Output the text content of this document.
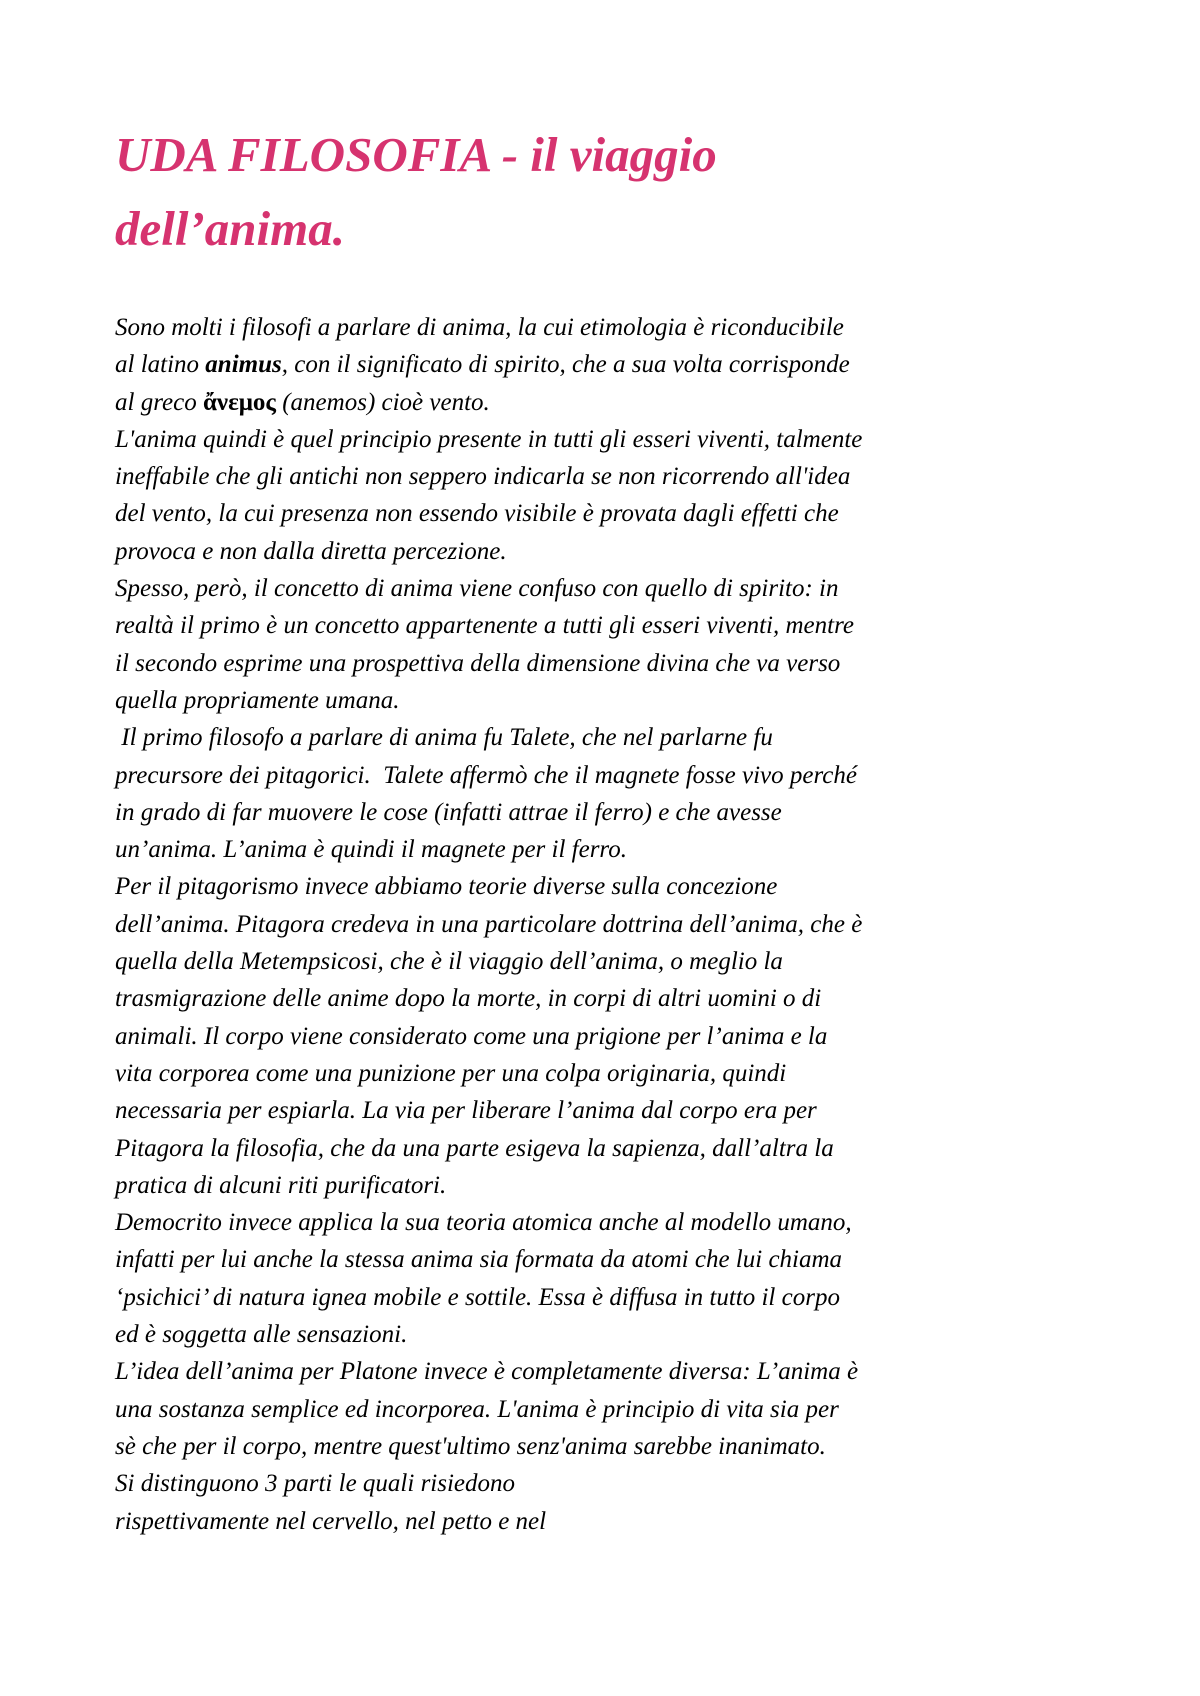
UDA FILOSOFIA - il viaggio
dell’anima.
Sono molti i filosofi a parlare di anima, la cui etimologia è riconducibile
al latino animus, con il significato di spirito, che a sua volta corrisponde
al greco ἄνεμος (anemos) cioè vento.
L'anima quindi è quel principio presente in tutti gli esseri viventi, talmente
ineffabile che gli antichi non seppero indicarla se non ricorrendo all'idea
del vento, la cui presenza non essendo visibile è provata dagli effetti che
provoca e non dalla diretta percezione.
Spesso, però, il concetto di anima viene confuso con quello di spirito: in
realtà il primo è un concetto appartenente a tutti gli esseri viventi, mentre
il secondo esprime una prospettiva della dimensione divina che va verso
quella propriamente umana.
Il primo filosofo a parlare di anima fu Talete, che nel parlarne fu
precursore dei pitagorici.  Talete affermò che il magnete fosse vivo perché
in grado di far muovere le cose (infatti attrae il ferro) e che avesse
un’anima. L’anima è quindi il magnete per il ferro.
Per il pitagorismo invece abbiamo teorie diverse sulla concezione
dell’anima. Pitagora credeva in una particolare dottrina dell’anima, che è
quella della Metempsicosi, che è il viaggio dell’anima, o meglio la
trasmigrazione delle anime dopo la morte, in corpi di altri uomini o di
animali. Il corpo viene considerato come una prigione per l’anima e la
vita corporea come una punizione per una colpa originaria, quindi
necessaria per espiarla. La via per liberare l’anima dal corpo era per
Pitagora la filosofia, che da una parte esigeva la sapienza, dall’altra la
pratica di alcuni riti purificatori.
Democrito invece applica la sua teoria atomica anche al modello umano,
infatti per lui anche la stessa anima sia formata da atomi che lui chiama
‘psichici’ di natura ignea mobile e sottile. Essa è diffusa in tutto il corpo
ed è soggetta alle sensazioni.
L’idea dell’anima per Platone invece è completamente diversa: L’anima è
una sostanza semplice ed incorporea. L'anima è principio di vita sia per
sè che per il corpo, mentre quest'ultimo senz'anima sarebbe inanimato.
Si distinguono 3 parti le quali risiedono
rispettivamente nel cervello, nel petto e nel
